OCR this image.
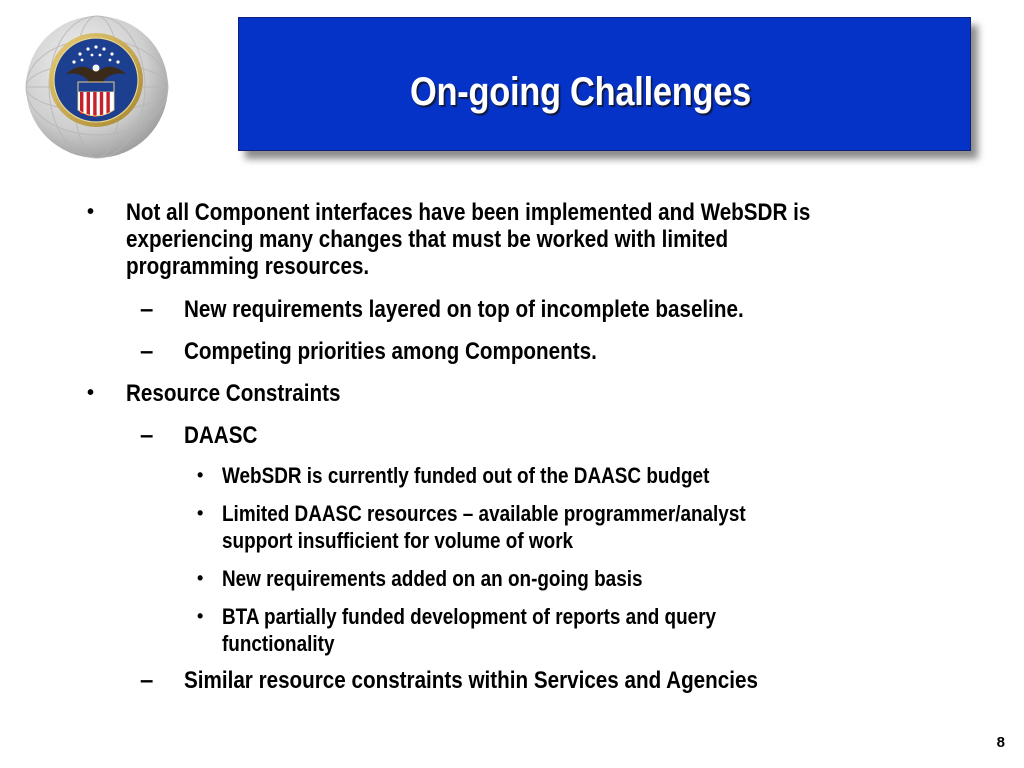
On-going Challenges
• Not all Component interfaces have been implemented and WebSDR is
experiencing many changes that must be worked with limited
programming resources.
– New requirements layered on top of incomplete baseline.
– Competing priorities among Components.
• Resource Constraints
– DAASC
• WebSDR is currently funded out of the DAASC budget
• Limited DAASC resources – available programmer/analyst
support insufficient for volume of work
• New requirements added on an on-going basis
• BTA partially funded development of reports and query
functionality
– Similar resource constraints within Services and Agencies
8
